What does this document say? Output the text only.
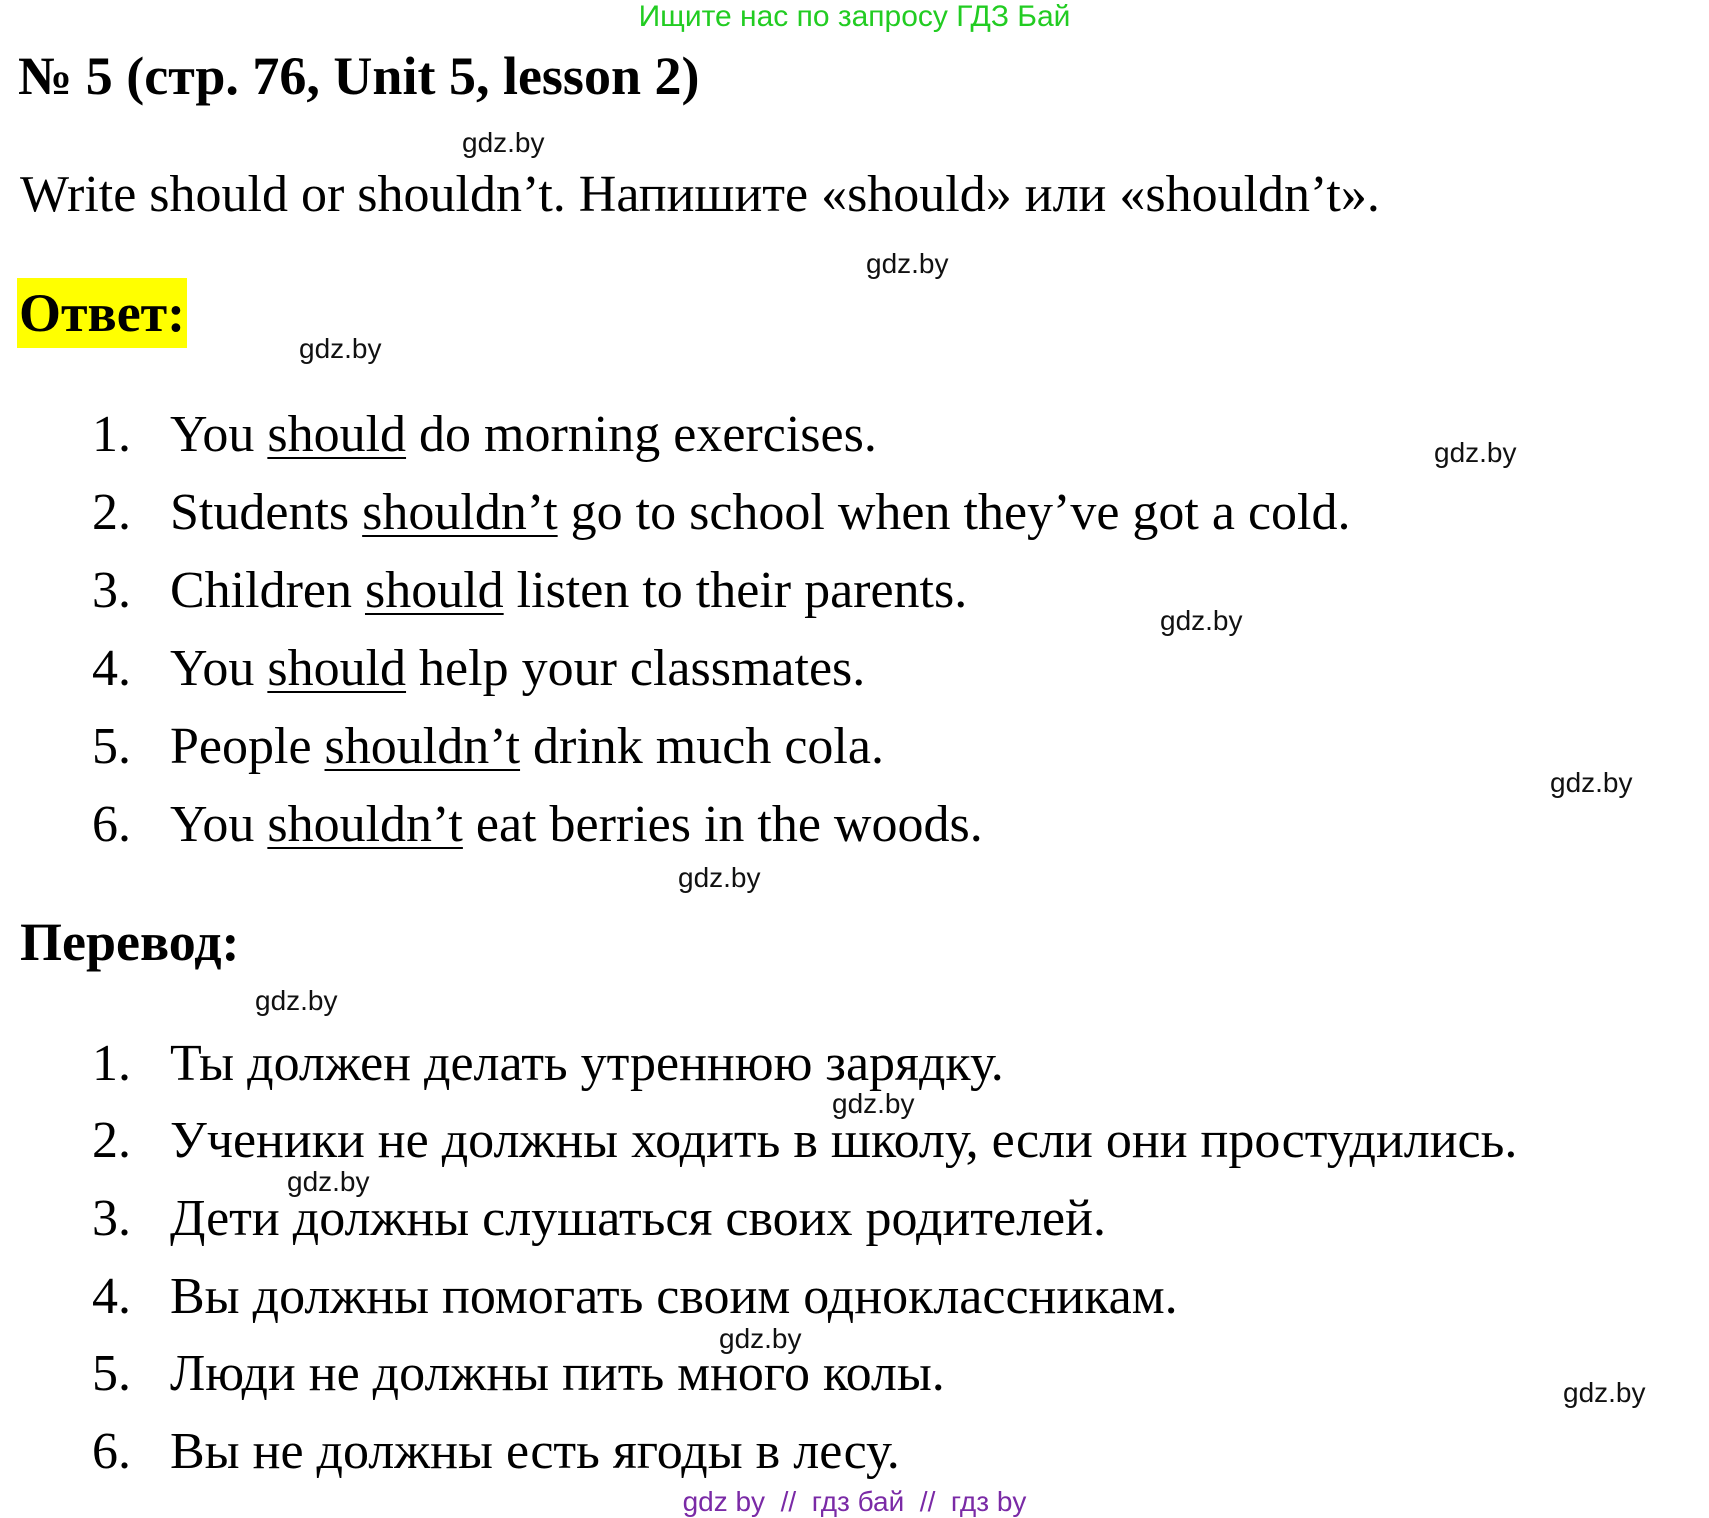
Ищите нас по запросу ГДЗ Бай
№ 5 (стр. 76, Unit 5, lesson 2)
Write should or shouldn’t. Напишите «should» или «shouldn’t».
Ответ:
1. You should do morning exercises.
2. Students shouldn’t go to school when they’ve got a cold.
3. Children should listen to their parents.
4. You should help your classmates.
5. People shouldn’t drink much cola.
6. You shouldn’t eat berries in the woods.
Перевод:
1. Ты должен делать утреннюю зарядку.
2. Ученики не должны ходить в школу, если они простудились.
3. Дети должны слушаться своих родителей.
4. Вы должны помогать своим одноклассникам.
5. Люди не должны пить много колы.
6. Вы не должны есть ягоды в лесу.
gdz.by
gdz.by
gdz.by
gdz.by
gdz.by
gdz.by
gdz.by
gdz.by
gdz.by
gdz.by
gdz.by
gdz.by
gdz by  //  гдз бай  //  гдз by
